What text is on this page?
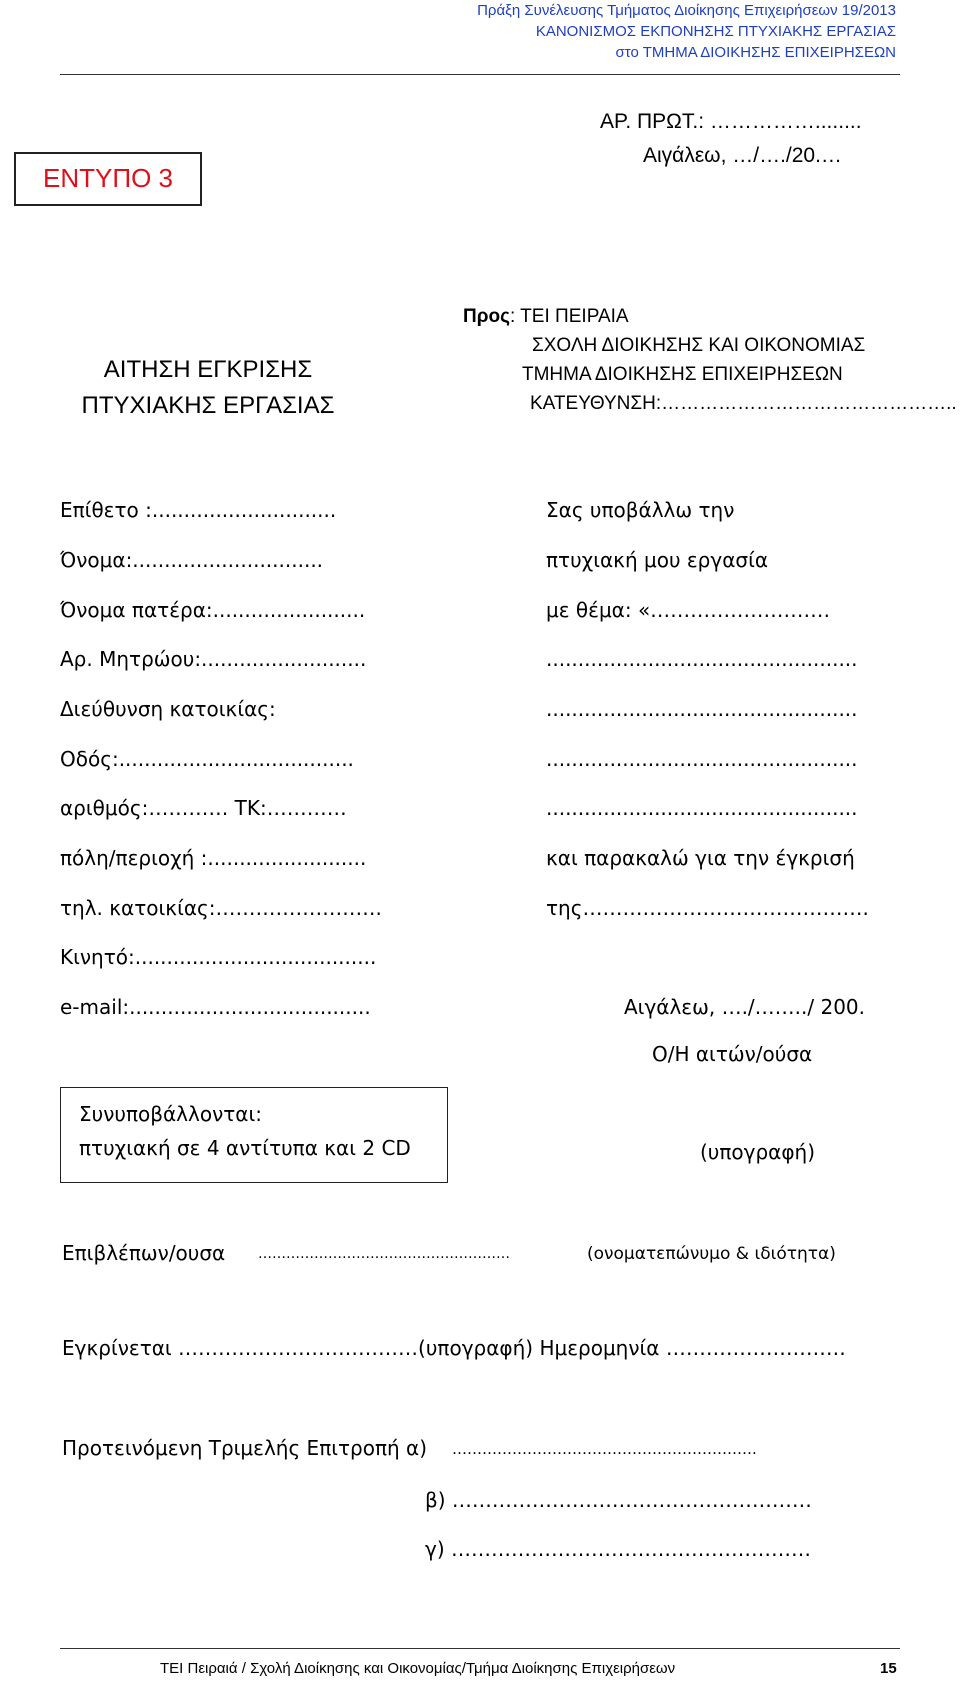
Πράξη Συνέλευσης Τμήματος Διοίκησης Επιχειρήσεων 19/2013
ΚΑΝΟΝΙΣΜΟΣ ΕΚΠΟΝΗΣΗΣ ΠΤΥΧΙΑΚΗΣ ΕΡΓΑΣΙΑΣ
στο ΤΜΗΜΑ ΔΙΟΙΚΗΣΗΣ ΕΠΙΧΕΙΡΗΣΕΩΝ
ΕΝΤΥΠΟ 3
ΑΡ. ΠΡΩΤ.: ……………........
Αιγάλεω, …/…./20.…
ΑΙΤΗΣΗ ΕΓΚΡΙΣΗΣ
ΠΤΥΧΙΑΚΗΣ ΕΡΓΑΣΙΑΣ
Προς: ΤΕΙ ΠΕΙΡΑΙΑ
ΣΧΟΛΗ ΔΙΟΙΚΗΣΗΣ ΚΑΙ ΟΙΚΟΝΟΜΙΑΣ
ΤΜΗΜΑ ΔΙΟΙΚΗΣΗΣ ΕΠΙΧΕΙΡΗΣΕΩΝ
ΚΑΤΕΥΘΥΝΣΗ:………………………………………..
Επίθετο :.............................
Όνομα:..............................
Όνομα πατέρα:........................
Αρ. Μητρώου:..........................
Διεύθυνση κατοικίας:
Οδός:.....................................
αριθμός:………… ΤΚ:…………
πόλη/περιοχή :.........................
τηλ. κατοικίας:…………………….
Κινητό:......................................
e-mail:......................................
Σας υποβάλλω την
πτυχιακή μου εργασία
με θέμα: «………………………
.................................................
.................................................
.................................................
.................................................
και παρακαλώ για την έγκρισή
της…………………………………….
Αιγάλεω, …./……../ 200.
Ο/Η αιτών/ούσα
(υπογραφή)
Συνυποβάλλονται:
πτυχιακή σε 4 αντίτυπα και 2 CD
Επιβλέπων/ουσα ………………………………………………	(ονοματεπώνυμο & ιδιότητα)
Εγκρίνεται ………………………………(υπογραφή) Ημερομηνία ………………………
Προτεινόμενη Τριμελής Επιτροπή α) …………………………………………………….
β) ………………………………………………
γ) ………………………………………………
ΤΕΙ Πειραιά / Σχολή Διοίκησης και Οικονομίας/Τμήμα Διοίκησης Επιχειρήσεων	15
